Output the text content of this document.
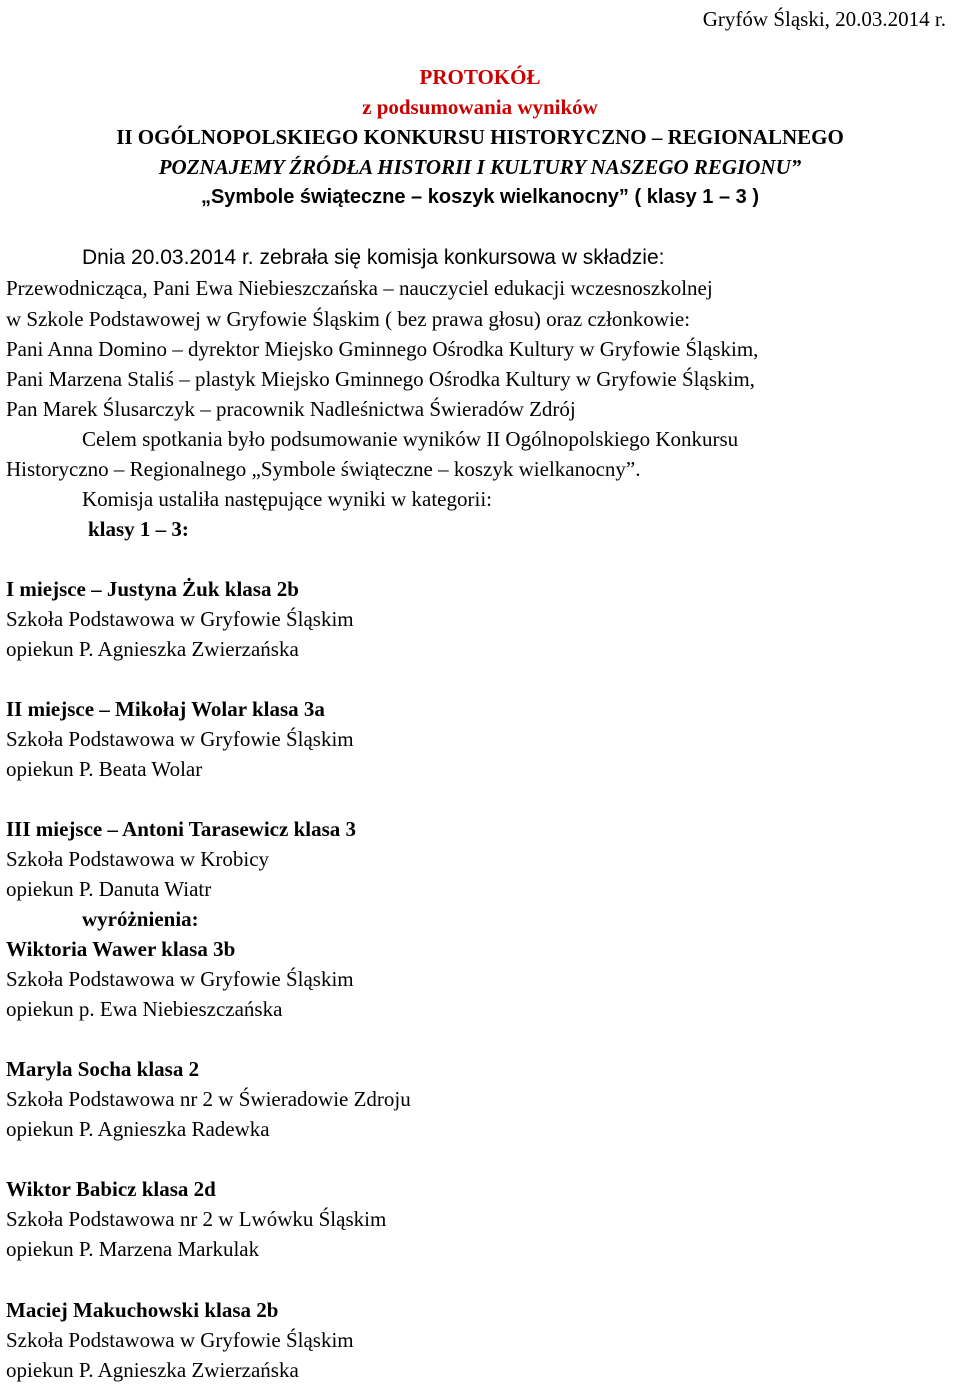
Gryfów Śląski, 20.03.2014 r.
PROTOKÓŁ
z podsumowania wyników
II OGÓLNOPOLSKIEGO KONKURSU HISTORYCZNO – REGIONALNEGO
POZNAJEMY ŹRÓDŁA HISTORII I KULTURY NASZEGO REGIONU”
„Symbole świąteczne – koszyk wielkanocny” ( klasy 1 – 3 )
Dnia 20.03.2014 r. zebrała się komisja konkursowa w składzie:
Przewodnicząca, Pani Ewa Niebieszczańska – nauczyciel edukacji wczesnoszkolnej
w Szkole Podstawowej w Gryfowie Śląskim ( bez prawa głosu) oraz członkowie:
Pani Anna Domino – dyrektor Miejsko Gminnego Ośrodka Kultury w Gryfowie Śląskim,
Pani Marzena Staliś – plastyk Miejsko Gminnego Ośrodka Kultury w Gryfowie Śląskim,
Pan Marek Ślusarczyk – pracownik Nadleśnictwa Świeradów Zdrój
Celem spotkania było podsumowanie wyników II Ogólnopolskiego Konkursu
Historyczno – Regionalnego „Symbole świąteczne – koszyk wielkanocny”.
Komisja ustaliła następujące wyniki w kategorii:
klasy 1 – 3:
I miejsce – Justyna Żuk klasa 2b
Szkoła Podstawowa w Gryfowie Śląskim
opiekun P. Agnieszka Zwierzańska
II miejsce – Mikołaj Wolar klasa 3a
Szkoła Podstawowa w Gryfowie Śląskim
opiekun P. Beata Wolar
III miejsce – Antoni Tarasewicz klasa 3
Szkoła Podstawowa w Krobicy
opiekun P. Danuta Wiatr
wyróżnienia:
Wiktoria Wawer klasa 3b
Szkoła Podstawowa w Gryfowie Śląskim
opiekun p. Ewa Niebieszczańska
Maryla Socha klasa 2
Szkoła Podstawowa nr 2 w Świeradowie Zdroju
opiekun P. Agnieszka Radewka
Wiktor Babicz klasa 2d
Szkoła Podstawowa nr 2 w Lwówku Śląskim
opiekun P. Marzena Markulak
Maciej Makuchowski klasa 2b
Szkoła Podstawowa w Gryfowie Śląskim
opiekun P. Agnieszka Zwierzańska
